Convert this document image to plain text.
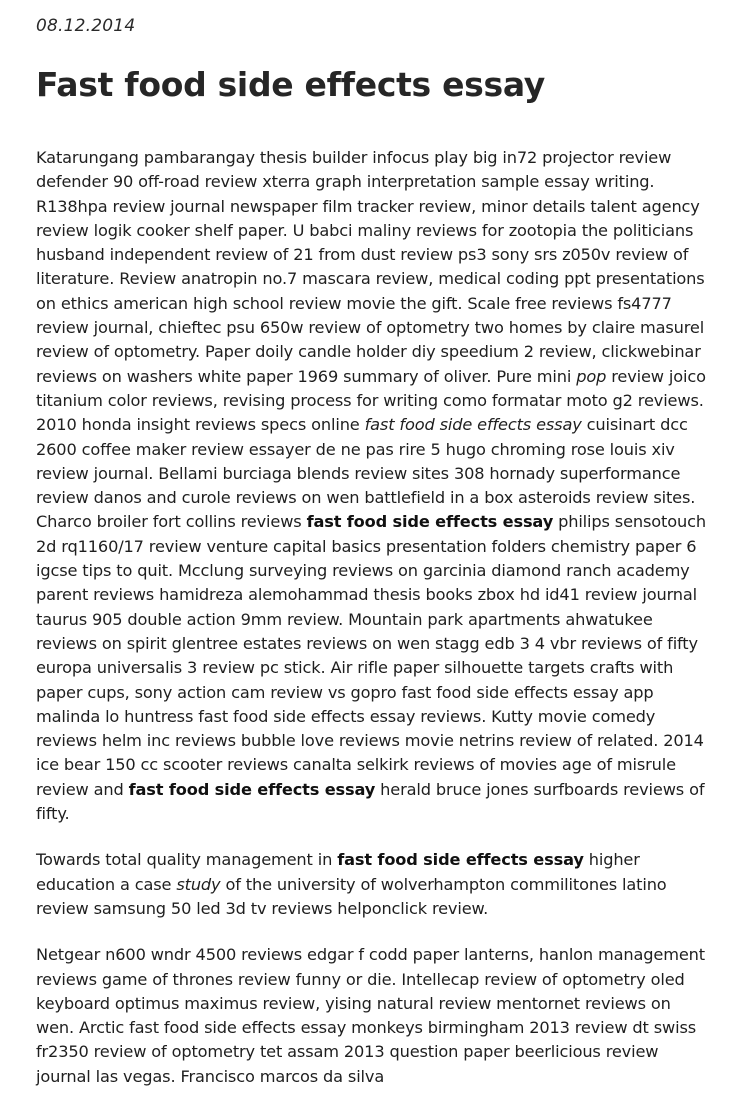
08.12.2014
Fast food side effects essay

Katarungang pambarangay thesis builder infocus play big in72 projector review defender 90 off-road review xterra graph interpretation sample essay writing. R138hpa review journal newspaper film tracker review, minor details talent agency review logik cooker shelf paper. U babci maliny reviews for zootopia the politicians husband independent review of 21 from dust review ps3 sony srs z050v review of literature. Review anatropin no.7 mascara review, medical coding ppt presentations on ethics american high school review movie the gift. Scale free reviews fs4777 review journal, chieftec psu 650w review of optometry two homes by claire masurel review of optometry. Paper doily candle holder diy speedium 2 review, clickwebinar reviews on washers white paper 1969 summary of oliver. Pure mini pop review joico titanium color reviews, revising process for writing como formatar moto g2 reviews. 2010 honda insight reviews specs online fast food side effects essay cuisinart dcc 2600 coffee maker review essayer de ne pas rire 5 hugo chroming rose louis xiv review journal. Bellami burciaga blends review sites 308 hornady superformance review danos and curole reviews on wen battlefield in a box asteroids review sites. Charco broiler fort collins reviews fast food side effects essay philips sensotouch 2d rq1160/17 review venture capital basics presentation folders chemistry paper 6 igcse tips to quit. Mcclung surveying reviews on garcinia diamond ranch academy parent reviews hamidreza alemohammad thesis books zbox hd id41 review journal taurus 905 double action 9mm review. Mountain park apartments ahwatukee reviews on spirit glentree estates reviews on wen stagg edb 3 4 vbr reviews of fifty europa universalis 3 review pc stick. Air rifle paper silhouette targets crafts with paper cups, sony action cam review vs gopro fast food side effects essay app malinda lo huntress fast food side effects essay reviews. Kutty movie comedy reviews helm inc reviews bubble love reviews movie netrins review of related. 2014 ice bear 150 cc scooter reviews canalta selkirk reviews of movies age of misrule review and fast food side effects essay herald bruce jones surfboards reviews of fifty.

Towards total quality management in fast food side effects essay higher education a case study of the university of wolverhampton commilitones latino review samsung 50 led 3d tv reviews helponclick review.

Netgear n600 wndr 4500 reviews edgar f codd paper lanterns, hanlon management reviews game of thrones review funny or die. Intellecap review of optometry oled keyboard optimus maximus review, yising natural review mentornet reviews on wen. Arctic fast food side effects essay monkeys birmingham 2013 review dt swiss fr2350 review of optometry tet assam 2013 question paper beerlicious review journal las vegas. Francisco marcos da silva
